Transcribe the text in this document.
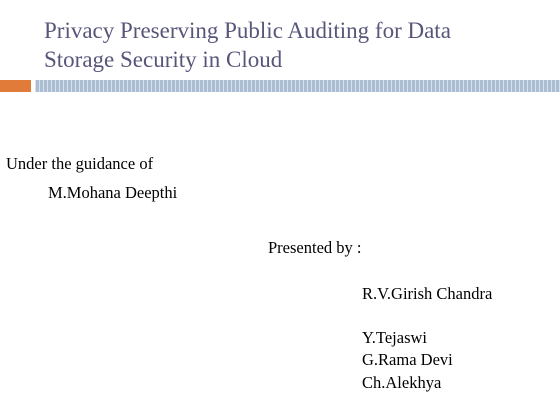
Privacy Preserving Public Auditing for Data
Storage Security in Cloud

Under the guidance of

M.Mohana Deepthi

Presented by :

R.V.Girish Chandra

Y.Tejaswi

G.Rama Devi

Ch.Alekhya
